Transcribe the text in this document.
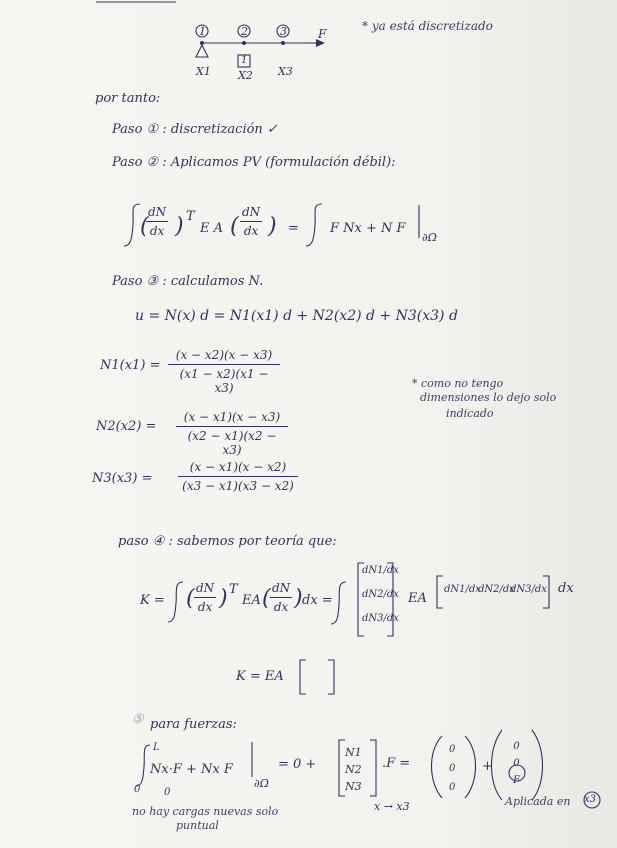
1	2	3	F
1
X1 X2 X3
* ya está discretizado
por tanto:
Paso ① : discretización ✓
Paso ② : Aplicamos PV (formulación débil):
dN
dx
( ) T
E A (
dN
dx ) = F Nx + N F
∂Ω
Paso ③ : calculamos N.
u = N(x) d = N1(x1) d + N2(x2) d + N3(x3) d
N1(x1) =
(x − x2)(x − x3)
(x1 − x2)(x1 − x3)
N2(x2) =
(x − x1)(x − x3)
(x2 − x1)(x2 − x3)
N3(x3) =
(x − x1)(x − x2)
(x3 − x1)(x3 − x2)
* como no tengo
dimensiones lo dejo solo
indicado
paso ④ : sabemos por teoría que:
K = ( dN
dx ) T
EA ( dN
dx ) dx =
dN1/dx
dN2/dx
dN3/dx
EA
dN1/dx
dN2/dx
dN3/dx dx
K = EA
⑤ para fuerzas:
L
0 0
Nx·F + Nx F
∂Ω
= 0 +
N1
N2
N3
.F =
0
0
0
+
0
0
F
x → x3
no hay cargas nuevas solo
puntual
Aplicada en x3
